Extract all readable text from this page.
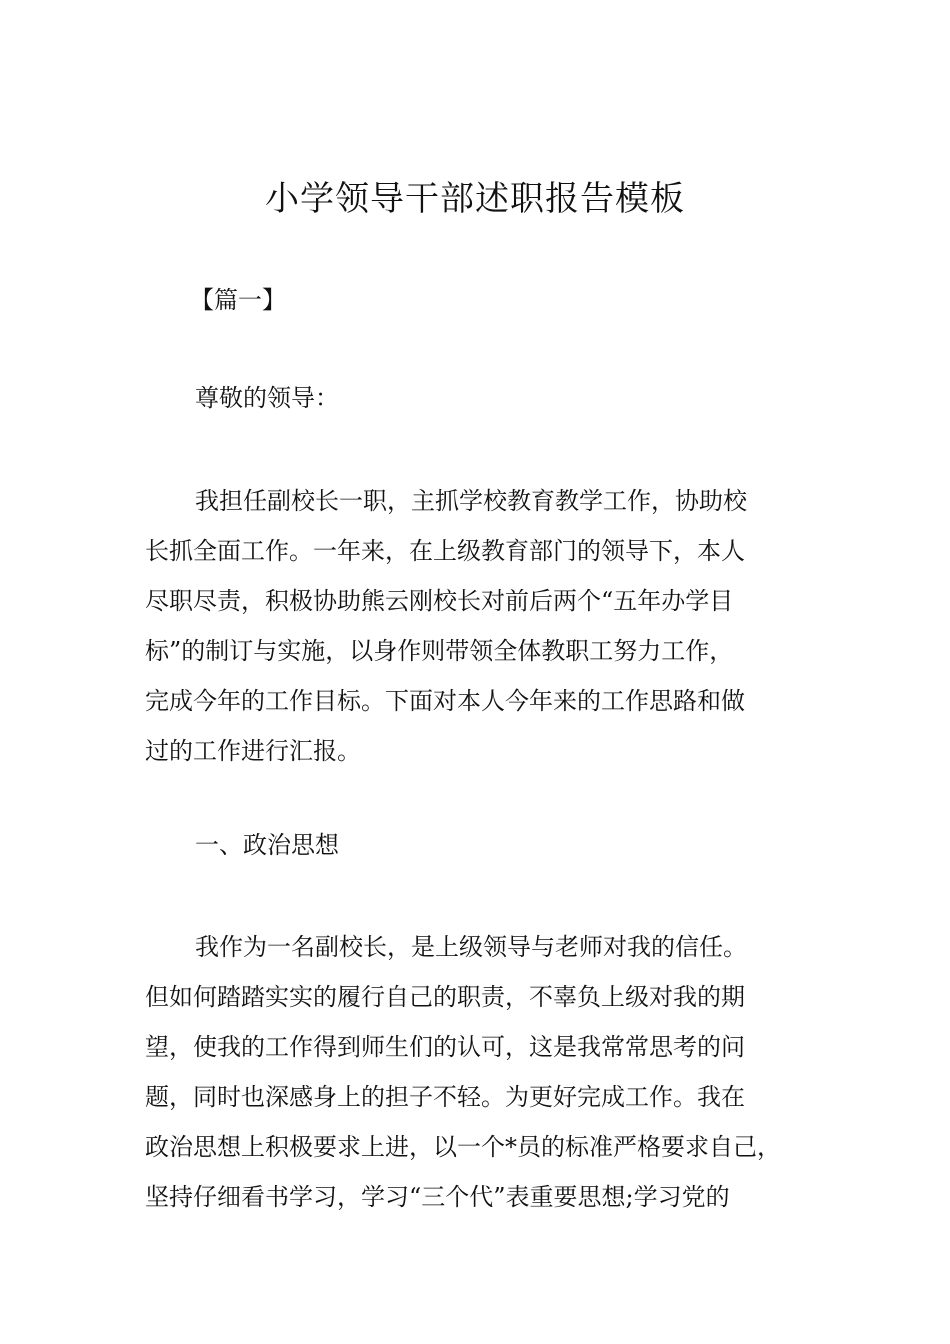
小学领导干部述职报告模板
【篇一】
尊敬的领导：
我担任副校长一职，主抓学校教育教学工作，协助校
长抓全面工作。一年来，在上级教育部门的领导下，本人
尽职尽责，积极协助熊云刚校长对前后两个“五年办学目
标”的制订与实施，以身作则带领全体教职工努力工作，
完成今年的工作目标。下面对本人今年来的工作思路和做
过的工作进行汇报。
一、政治思想
我作为一名副校长，是上级领导与老师对我的信任。
但如何踏踏实实的履行自己的职责，不辜负上级对我的期
望，使我的工作得到师生们的认可，这是我常常思考的问
题，同时也深感身上的担子不轻。为更好完成工作。我在
政治思想上积极要求上进，以一个*员的标准严格要求自己，
坚持仔细看书学习，学习“三个代”表重要思想;学习党的
